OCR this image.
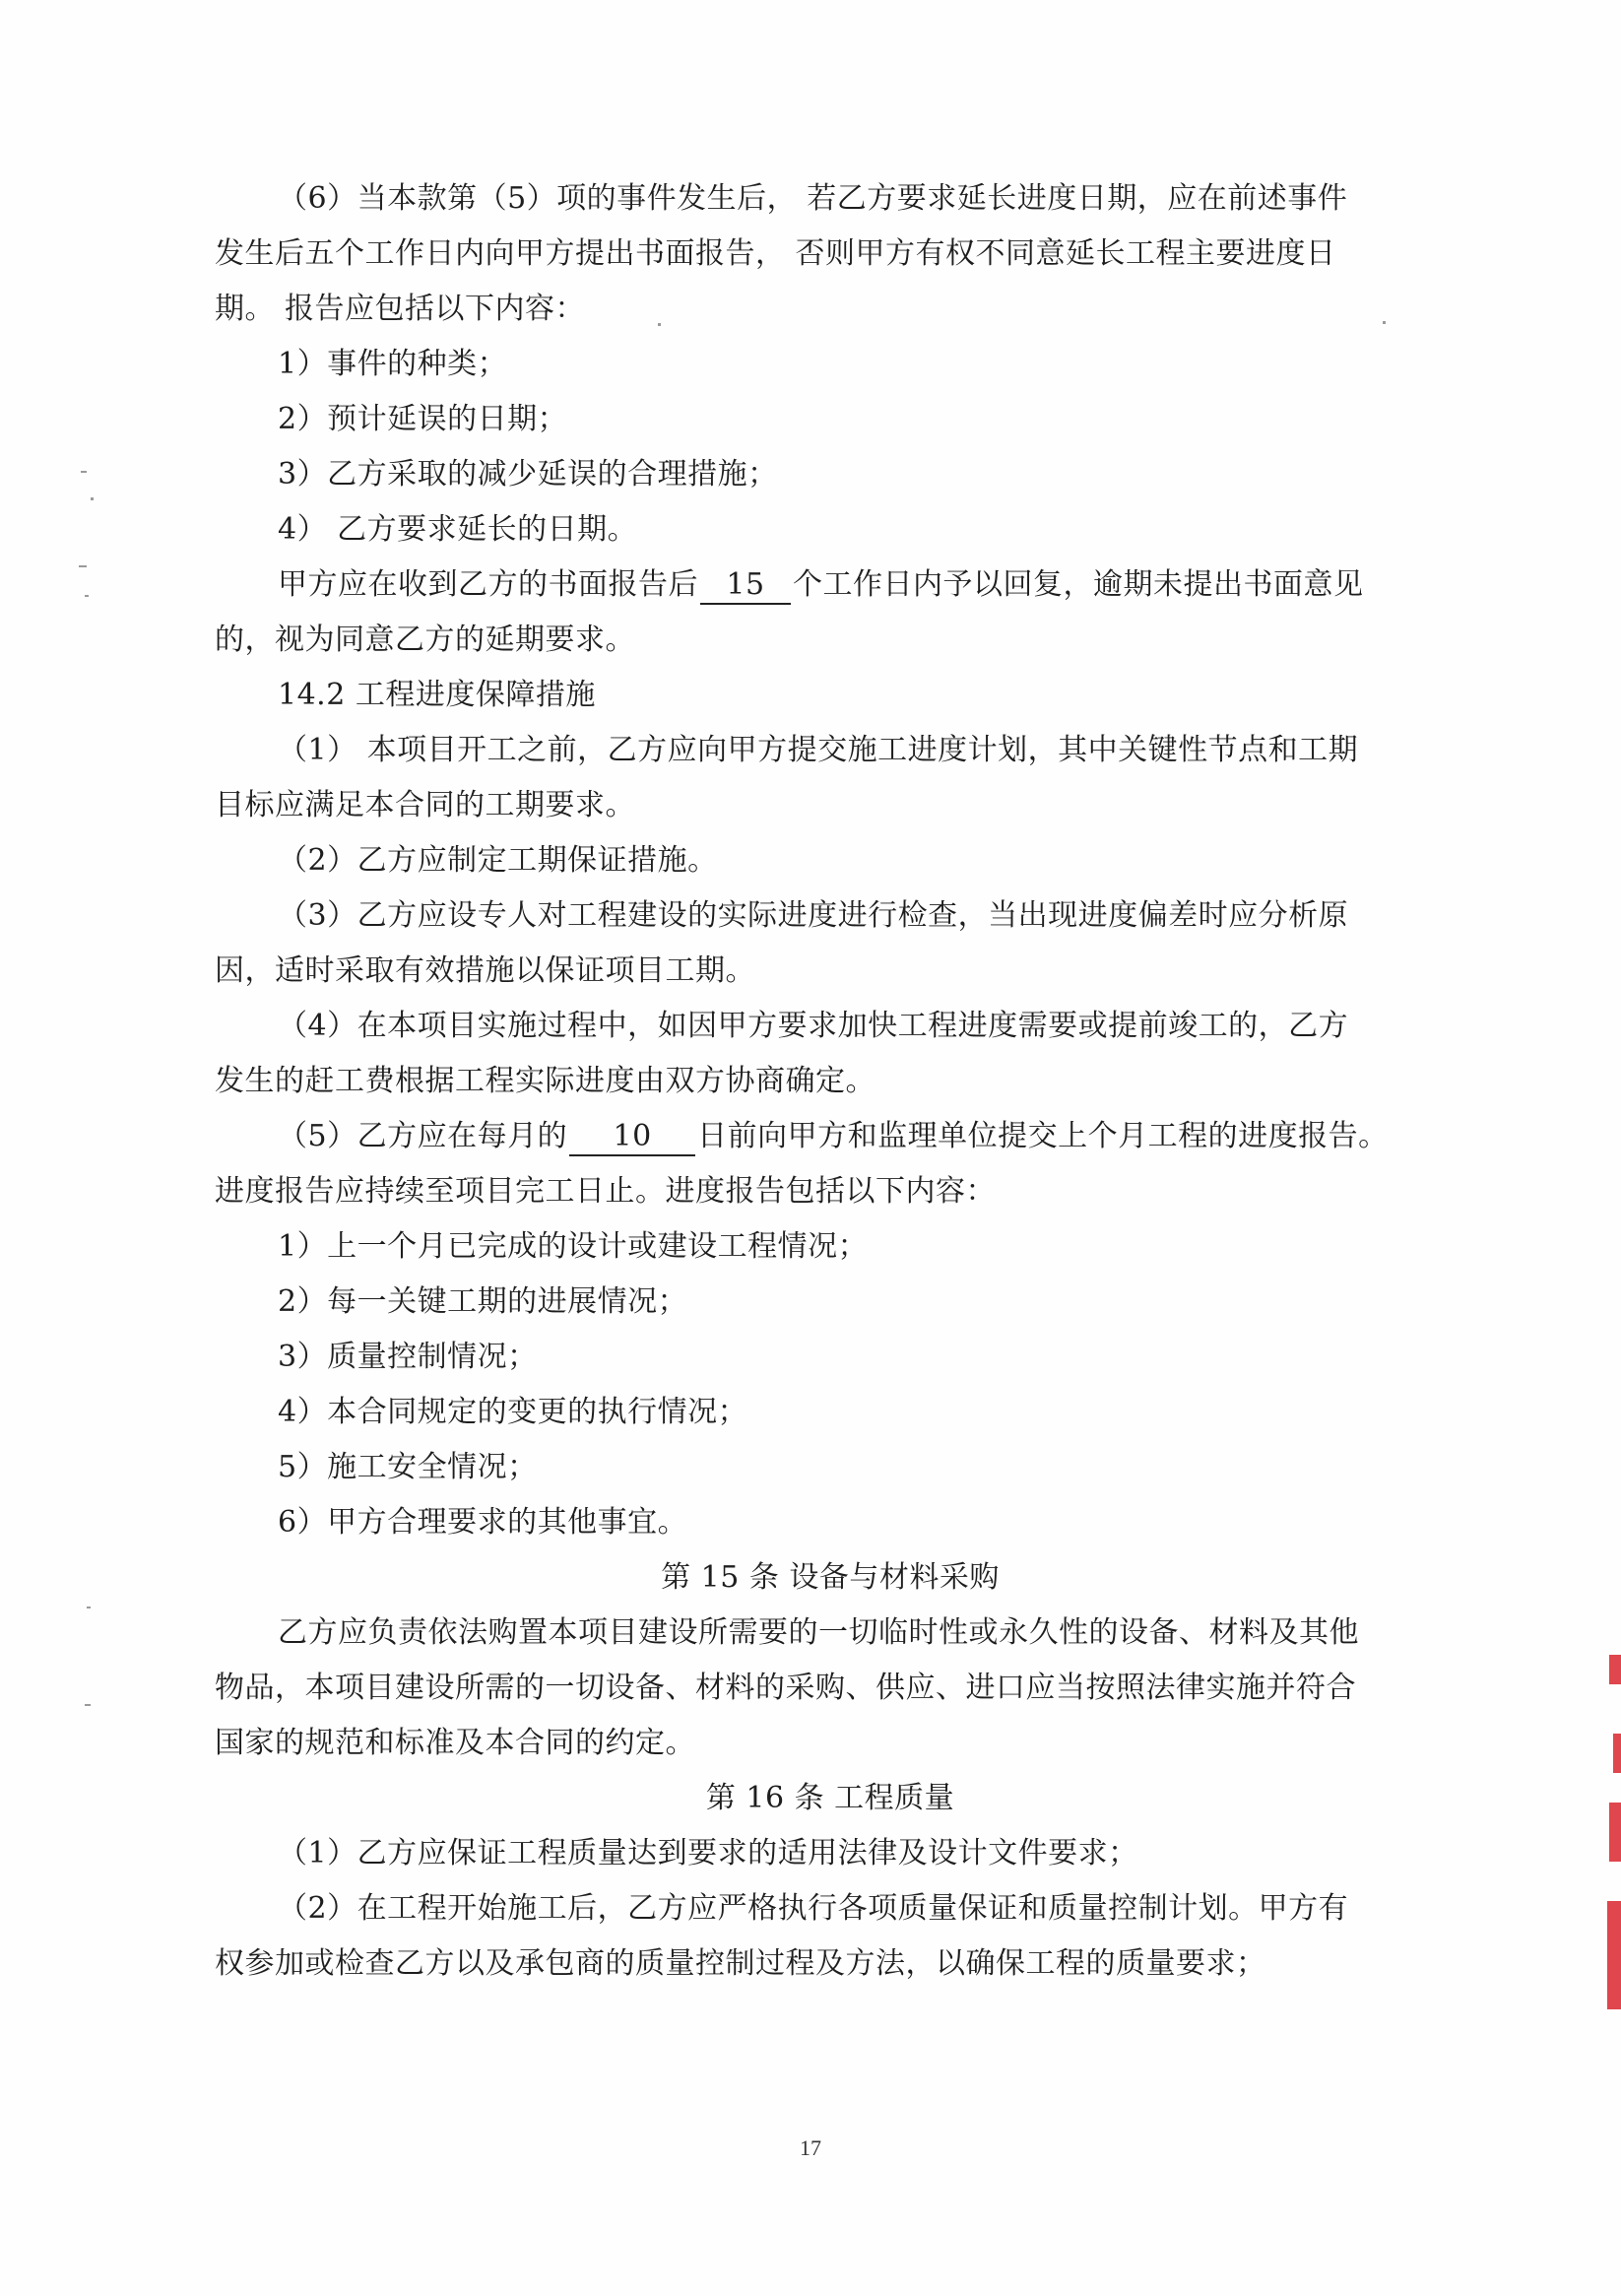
（6）当本款第（5）项的事件发生后， 若乙方要求延长进度日期，应在前述事件
发生后五个工作日内向甲方提出书面报告， 否则甲方有权不同意延长工程主要进度日
期。 报告应包括以下内容：
1）事件的种类；
2）预计延误的日期；
3）乙方采取的减少延误的合理措施；
4） 乙方要求延长的日期。
甲方应在收到乙方的书面报告后 15 个工作日内予以回复，逾期未提出书面意见
的，视为同意乙方的延期要求。
14.2 工程进度保障措施
（1） 本项目开工之前，乙方应向甲方提交施工进度计划，其中关键性节点和工期
目标应满足本合同的工期要求。
（2）乙方应制定工期保证措施。
（3）乙方应设专人对工程建设的实际进度进行检查，当出现进度偏差时应分析原
因，适时采取有效措施以保证项目工期。
（4）在本项目实施过程中，如因甲方要求加快工程进度需要或提前竣工的，乙方
发生的赶工费根据工程实际进度由双方协商确定。
（5）乙方应在每月的 10 日前向甲方和监理单位提交上个月工程的进度报告。
进度报告应持续至项目完工日止。进度报告包括以下内容：
1）上一个月已完成的设计或建设工程情况；
2）每一关键工期的进展情况；
3）质量控制情况；
4）本合同规定的变更的执行情况；
5）施工安全情况；
6）甲方合理要求的其他事宜。
第 15 条 设备与材料采购
乙方应负责依法购置本项目建设所需要的一切临时性或永久性的设备、材料及其他
物品，本项目建设所需的一切设备、材料的采购、供应、进口应当按照法律实施并符合
国家的规范和标准及本合同的约定。
第 16 条 工程质量
（1）乙方应保证工程质量达到要求的适用法律及设计文件要求；
（2）在工程开始施工后，乙方应严格执行各项质量保证和质量控制计划。甲方有
权参加或检查乙方以及承包商的质量控制过程及方法，以确保工程的质量要求；
17
